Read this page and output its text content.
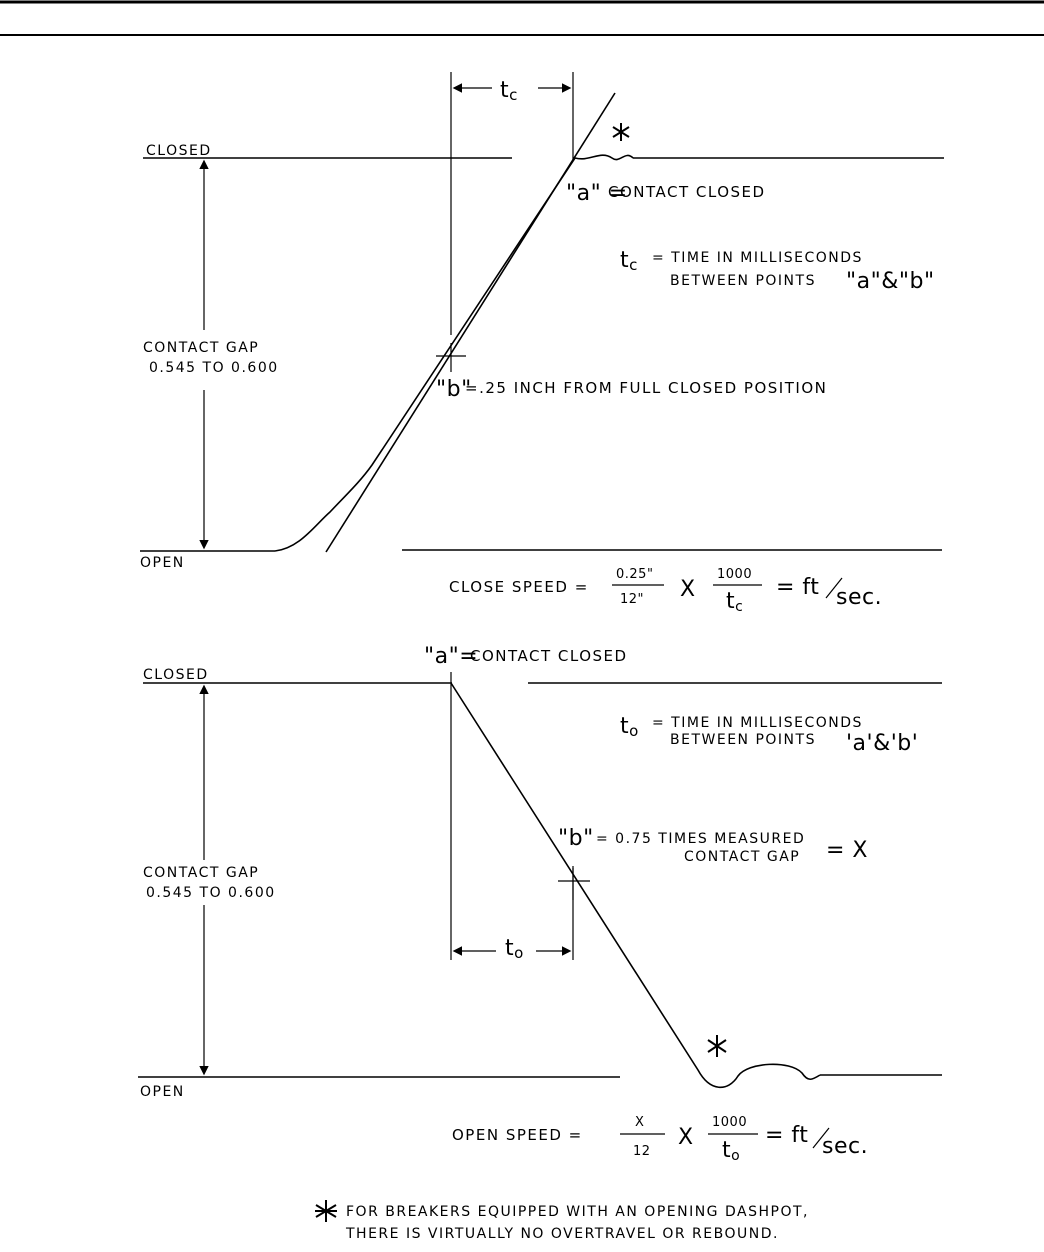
CLOSED
OPEN
CONTACT GAP
0.545 TO 0.600
tc
"a" =
CONTACT CLOSED
tc = TIME IN MILLISECONDS
BETWEEN POINTS "a"&"b"
"b"
=.25 INCH FROM FULL CLOSED POSITION
CLOSE SPEED =
0.25"
12" X
1000
tc
= ft sec.
CLOSED
OPEN
CONTACT GAP
0.545 TO 0.600
to
"a"=
CONTACT CLOSED
to = TIME IN MILLISECONDS
BETWEEN POINTS 'a'&'b'
"b" = 0.75 TIMES MEASURED
CONTACT GAP = X
OPEN SPEED =
X
12
X
1000
to
= ft sec.
FOR BREAKERS EQUIPPED WITH AN OPENING DASHPOT,
THERE IS VIRTUALLY NO OVERTRAVEL OR REBOUND.
